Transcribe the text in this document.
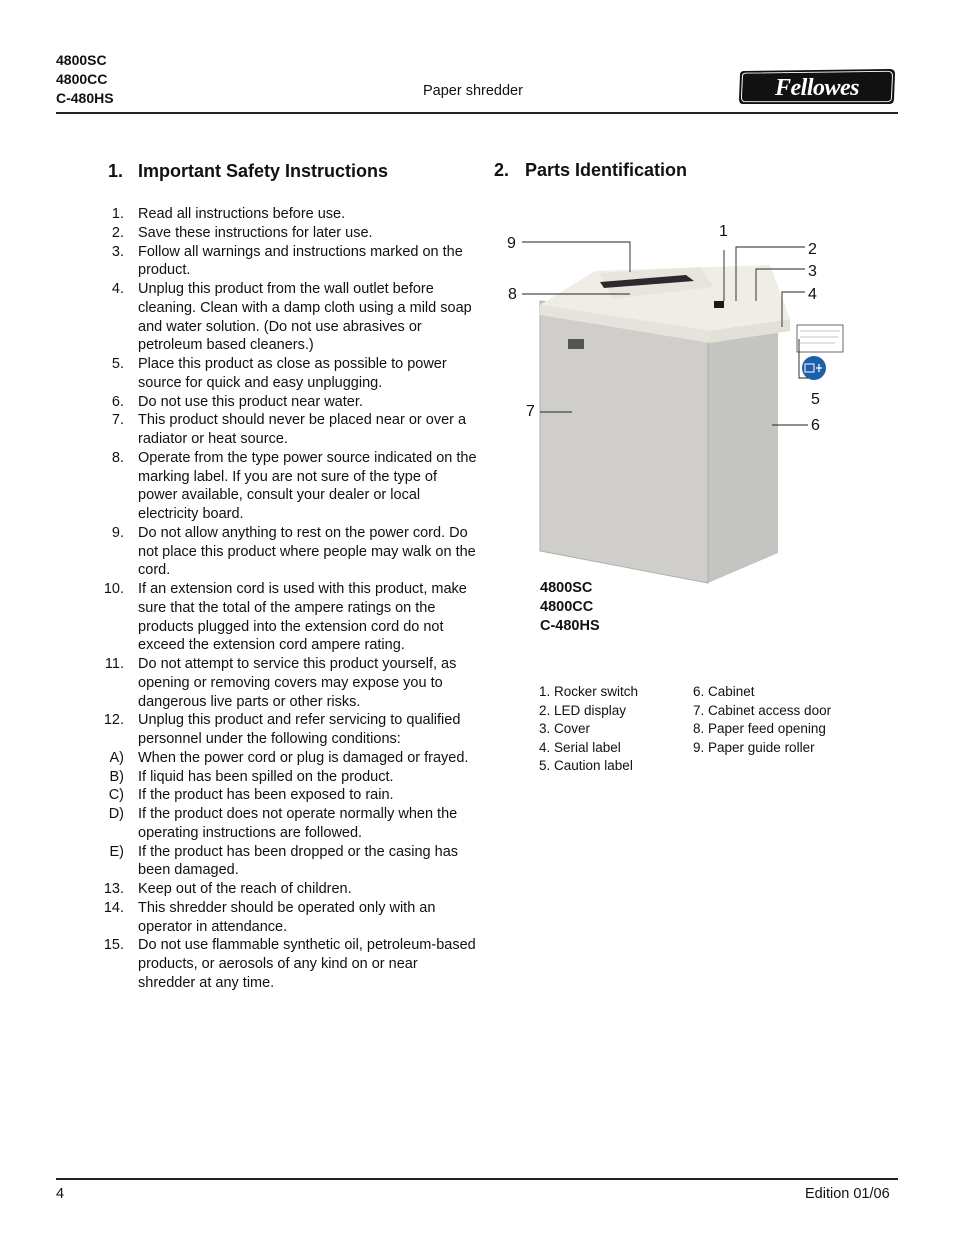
4800SC
4800CC
C-480HS	Paper shredder	Fellowes
1. Important Safety Instructions
1. Read all instructions before use.
2. Save these instructions for later use.
3. Follow all warnings and instructions marked on the product.
4. Unplug this product from the wall outlet before cleaning. Clean with a damp cloth using a mild soap and water solution. (Do not use abrasives or petroleum based cleaners.)
5. Place this product as close as possible to power source for quick and easy unplugging.
6. Do not use this product near water.
7. This product should never be placed near or over a radiator or heat source.
8. Operate from the type power source indicated on the marking label. If you are not sure of the type of power available, consult your dealer or local electricity board.
9. Do not allow anything to rest on the power cord. Do not place this product where people may walk on the cord.
10. If an extension cord is used with this product, make sure that the total of the ampere ratings on the products plugged into the extension cord do not exceed the extension cord ampere rating.
11. Do not attempt to service this product yourself, as opening or removing covers may expose you to dangerous live parts or other risks.
12. Unplug this product and refer servicing to qualified personnel under the following conditions:
A) When the power cord or plug is damaged or frayed.
B) If liquid has been spilled on the product.
C) If the product has been exposed to rain.
D) If the product does not operate normally when the operating instructions are followed.
E) If the product has been dropped or the casing has been damaged.
13. Keep out of the reach of children.
14. This shredder should be operated only with an operator in attendance.
15. Do not use flammable synthetic oil, petroleum-based products, or aerosols of any kind on or near shredder at any time.
2. Parts Identification
1
2
3
4
5
6
7
8
9
4800SC
4800CC
C-480HS
1. Rocker switch
2. LED display
3. Cover
4. Serial label
5. Caution label
6. Cabinet
7. Cabinet access door
8. Paper feed opening
9. Paper guide roller
4	Edition 01/06
